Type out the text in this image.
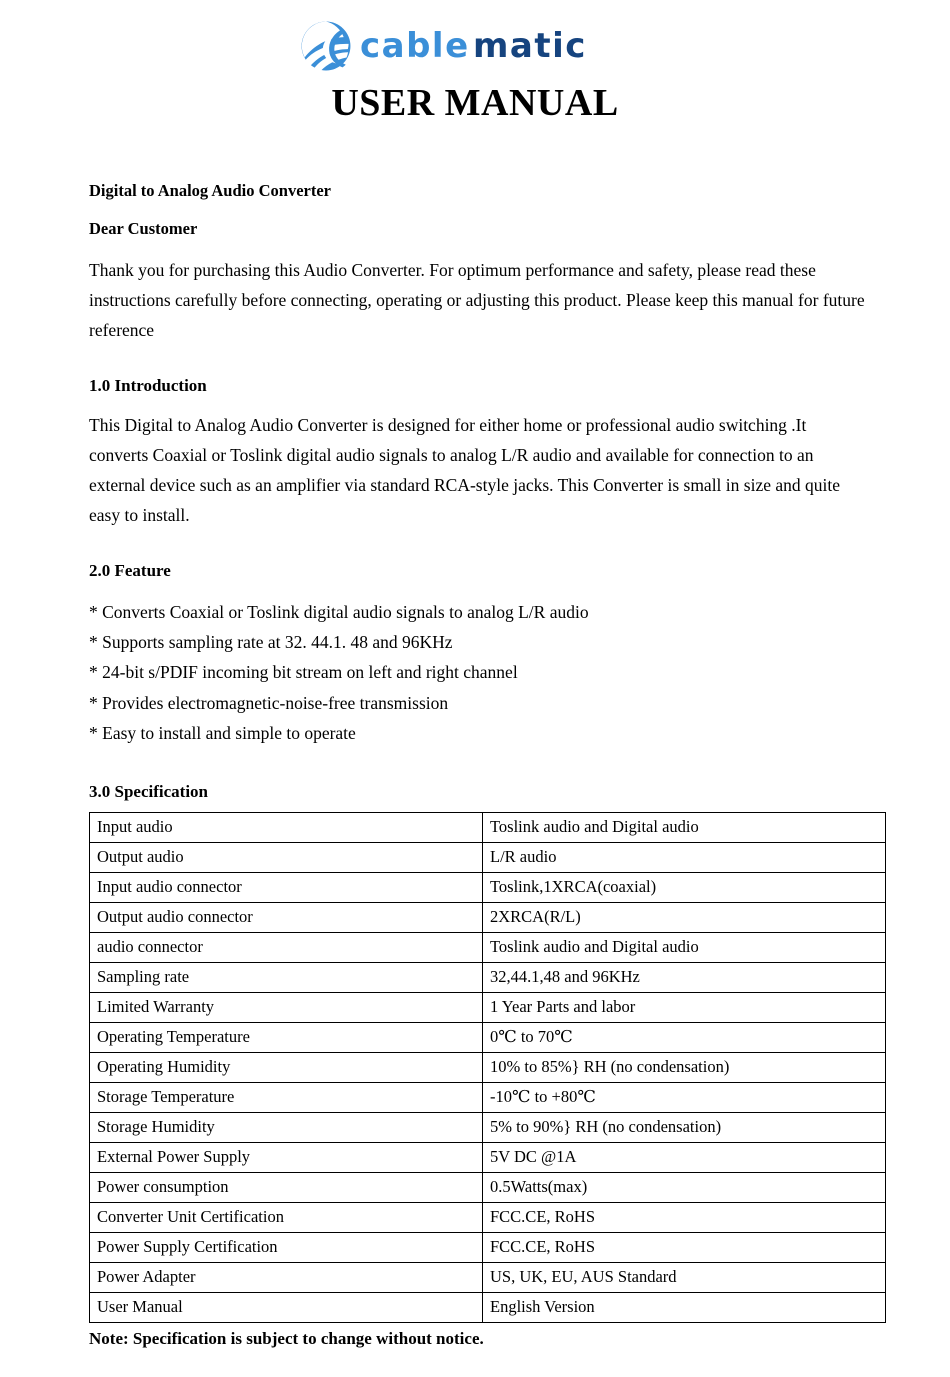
cable matic
USER MANUAL

Digital to Analog Audio Converter

Dear Customer

Thank you for purchasing this Audio Converter. For optimum performance and safety, please read these instructions carefully before connecting, operating or adjusting this product. Please keep this manual for future reference

1.0 Introduction

This Digital to Analog Audio Converter is designed for either home or professional audio switching .It converts Coaxial or Toslink digital audio signals to analog L/R audio and available for connection to an external device such as an amplifier via standard RCA-style jacks. This Converter is small in size and quite easy to install.

2.0 Feature

* Converts Coaxial or Toslink digital audio signals to analog L/R audio
* Supports sampling rate at 32. 44.1. 48 and 96KHz
* 24-bit s/PDIF incoming bit stream on left and right channel
* Provides electromagnetic-noise-free transmission
* Easy to install and simple to operate

3.0 Specification

Input audio	Toslink audio and Digital audio
Output audio	L/R audio
Input audio connector	Toslink,1XRCA(coaxial)
Output audio connector	2XRCA(R/L)
audio connector	Toslink audio and Digital audio
Sampling rate	32,44.1,48 and 96KHz
Limited Warranty	1 Year Parts and labor
Operating Temperature	0℃ to 70℃
Operating Humidity	10% to 85%} RH (no condensation)
Storage Temperature	-10℃ to +80℃
Storage Humidity	5% to 90%} RH (no condensation)
External Power Supply	5V DC @1A
Power consumption	0.5Watts(max)
Converter Unit Certification	FCC.CE, RoHS
Power Supply Certification	FCC.CE, RoHS
Power Adapter	US, UK, EU, AUS Standard
User Manual	English Version

Note: Specification is subject to change without notice.
